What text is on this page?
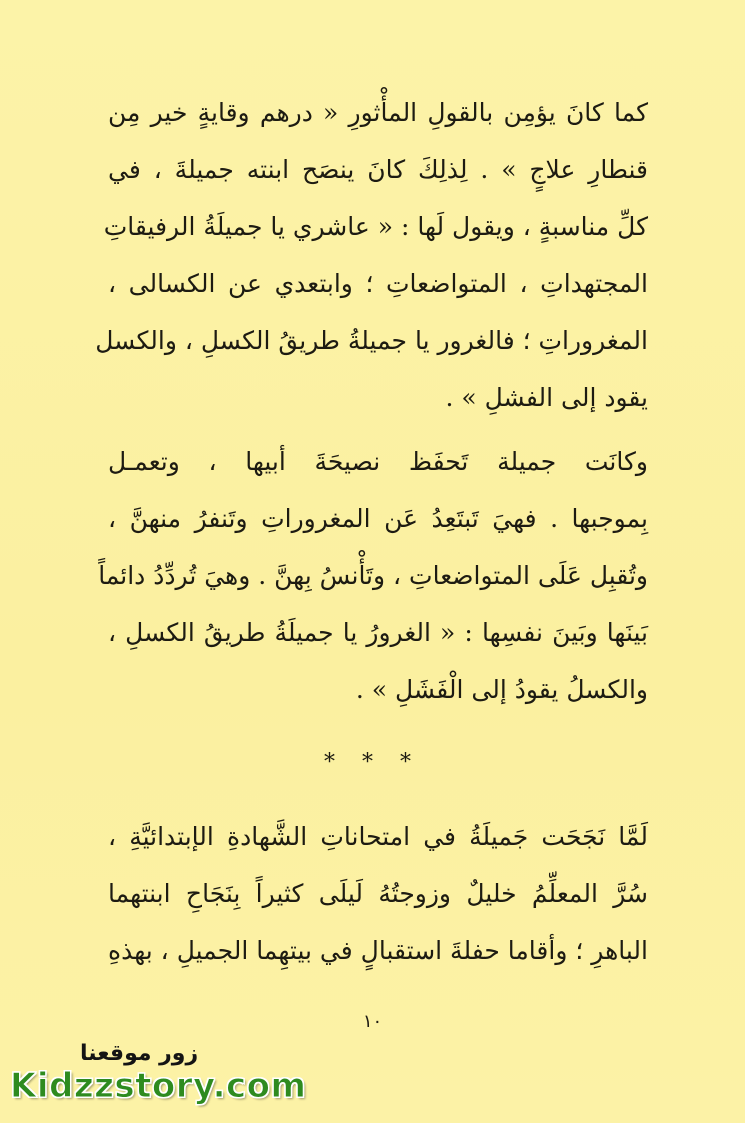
كما كانَ يؤمِن بالقولِ المأْثورِ « درهم وقايةٍ خير مِن
قنطارِ علاجٍ » . لِذلِكَ كانَ ينصَح ابنته جميلةَ ، في
كلِّ مناسبةٍ ، ويقول لَها : « عاشري يا جميلَةُ الرفيقاتِ
المجتهداتِ ، المتواضعاتِ ؛ وابتعدي عن الكسالى ،
المغروراتِ ؛ فالغرور يا جميلةُ طريقُ الكسلِ ، والكسل
يقود إلى الفشلِ » .
وكانَت جميلة تَحفَظ نصيحَةَ أبيها ، وتعمـل
بِموجبها . فهيَ تَبتَعِدُ عَن المغروراتِ وتَنفرُ منهنَّ ،
وتُقبِل عَلَى المتواضعاتِ ، وتَأْنسُ بِهنَّ . وهيَ تُردِّدُ دائماً
بَينَها وبَينَ نفسِها : « الغرورُ يا جميلَةُ طريقُ الكسلِ ،
والكسلُ يقودُ إلى الْفَشَلِ » .
* * *
لَمَّا نَجَحَت جَميلَةُ في امتحاناتِ الشَّهادةِ الإبتدائيَّةِ ،
سُرَّ المعلِّمُ خليلٌ وزوجتُهُ لَيلَى كثيراً بِنَجَاحِ ابنتهما
الباهرِ ؛ وأقاما حفلةَ استقبالٍ في بيتهِما الجميلِ ، بهذهِ
١٠
زور موقعنا
Kidzzstory.com
